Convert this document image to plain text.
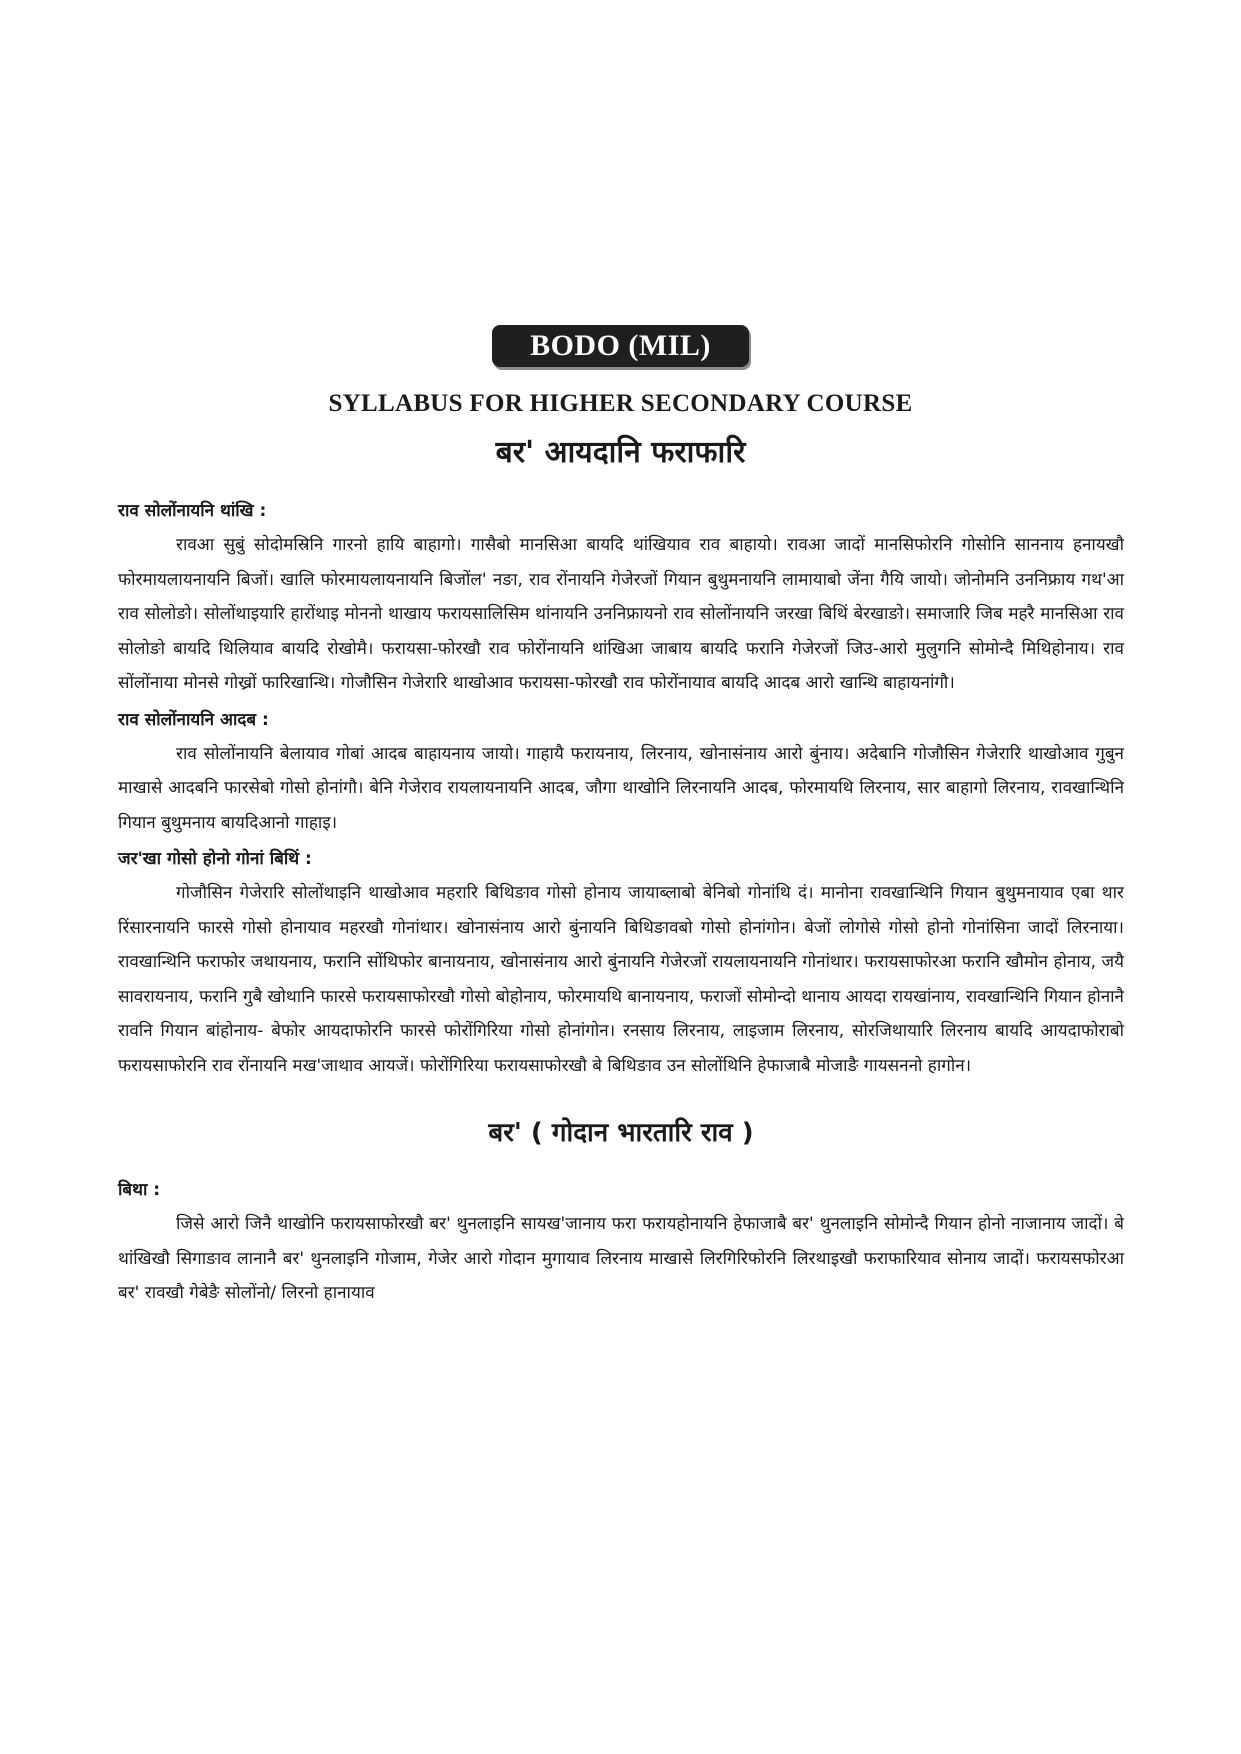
BODO (MIL)
SYLLABUS FOR HIGHER SECONDARY COURSE
बर' आयदानि फराफारि
राव सोलोंनायनि थांखि :

रावआ सुबुं सोदोमस्रिनि गारनो हायि बाहागो। गासैबो मानसिआ बायदि थांखियाव राव बाहायो। रावआ जादों मानसिफोरनि गोसोनि साननाय हनायखौ फोरमायलायनायनि बिजों। खालि फोरमायलायनायनि बिजोंल' नङा, राव रोंनायनि गेजेरजों गियान बुथुमनायनि लामायाबो जेंना गैयि जायो। जोनोमनि उननिफ्राय गथ'आ राव सोलोङो। सोलोंथाइयारि हारोंथाइ मोननो थाखाय फरायसालिसिम थांनायनि उननिफ्रायनो राव सोलोंनायनि जरखा बिथिं बेरखाङो। समाजारि जिब महरै मानसिआ राव सोलोङो बायदि थिलियाव बायदि रोखोमै। फरायसा-फोरखौ राव फोरोंनायनि थांखिआ जाबाय बायदि फरानि गेजेरजों जिउ-आरो मुलुगनि सोमोन्दै मिथिहोनाय। राव सोंलोंनाया मोनसे गोख्रों फारिखान्थि। गोजौसिन गेजेरारि थाखोआव फरायसा-फोरखौ राव फोरोंनायाव बायदि आदब आरो खान्थि बाहायनांगौ।

राव सोलोंनायनि आदब :

राव सोलोंनायनि बेलायाव गोबां आदब बाहायनाय जायो। गाहायै फरायनाय, लिरनाय, खोनासंनाय आरो बुंनाय। अदेबानि गोजौसिन गेजेरारि थाखोआव गुबुन माखासे आदबनि फारसेबो गोसो होनांगौ। बेनि गेजेराव रायलायनायनि आदब, जौगा थाखोनि लिरनायनि आदब, फोरमायथि लिरनाय, सार बाहागो लिरनाय, रावखान्थिनि गियान बुथुमनाय बायदिआनो गाहाइ।

जर'खा गोसो होनो गोनां बिथिं :

गोजौसिन गेजेरारि सोलोंथाइनि थाखोआव महरारि बिथिङाव गोसो होनाय जायाब्लाबो बेनिबो गोनांथि दं। मानोना रावखान्थिनि गियान बुथुमनायाव एबा थार रिंसारनायनि फारसे गोसो होनायाव महरखौ गोनांथार। खोनासंनाय आरो बुंनायनि बिथिङावबो गोसो होनांगोन। बेजों लोगोसे गोसो होनो गोनांसिना जादों लिरनाया। रावखान्थिनि फराफोर जथायनाय, फरानि सोंथिफोर बानायनाय, खोनासंनाय आरो बुंनायनि गेजेरजों रायलायनायनि गोनांथार। फरायसाफोरआ फरानि खौमोन होनाय, जयै सावरायनाय, फरानि गुबै खोथानि फारसे फरायसाफोरखौ गोसो बोहोनाय, फोरमायथि बानायनाय, फराजों सोमोन्दो थानाय आयदा रायखांनाय, रावखान्थिनि गियान होनानै रावनि गियान बांहोनाय- बेफोर आयदाफोरनि फारसे फोरोंगिरिया गोसो होनांगोन। रनसाय लिरनाय, लाइजाम लिरनाय, सोरजिथायारि लिरनाय बायदि आयदाफोराबो फरायसाफोरनि राव रोंनायनि मख'जाथाव आयजें। फोरोंगिरिया फरायसाफोरखौ बे बिथिङाव उन सोलोंथिनि हेफाजाबै मोजाङै गायसननो हागोन।

बर' ( गोदान भारतारि राव )
बिथा :

जिसे आरो जिनै थाखोनि फरायसाफोरखौ बर' थुनलाइनि सायख'जानाय फरा फरायहोनायनि हेफाजाबै बर' थुनलाइनि सोमोन्दै गियान होनो नाजानाय जादों। बे थांखिखौ सिगाङाव लानानै बर' थुनलाइनि गोजाम, गेजेर आरो गोदान मुगायाव लिरनाय माखासे लिरगिरिफोरनि लिरथाइखौ फराफारियाव सोनाय जादों। फरायसफोरआ बर' रावखौ गेबेङै सोलोंनो/ लिरनो हानायाव
